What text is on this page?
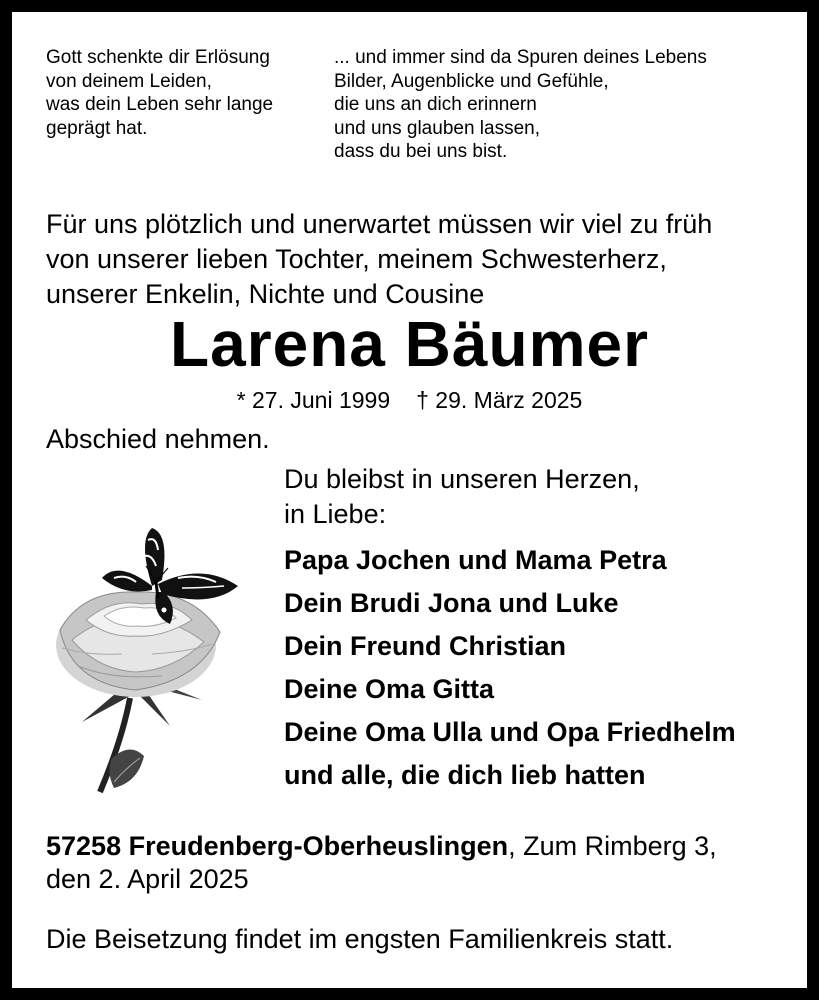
Gott schenkte dir Erlösung
von deinem Leiden,
was dein Leben sehr lange
geprägt hat.
... und immer sind da Spuren deines Lebens
Bilder, Augenblicke und Gefühle,
die uns an dich erinnern
und uns glauben lassen,
dass du bei uns bist.
Für uns plötzlich und unerwartet müssen wir viel zu früh
von unserer lieben Tochter, meinem Schwesterherz,
unserer Enkelin, Nichte und Cousine
Larena Bäumer
* 27. Juni 1999 † 29. März 2025
Abschied nehmen.
Du bleibst in unseren Herzen,
in Liebe:
Papa Jochen und Mama Petra
Dein Brudi Jona und Luke
Dein Freund Christian
Deine Oma Gitta
Deine Oma Ulla und Opa Friedhelm
und alle, die dich lieb hatten
57258 Freudenberg-Oberheuslingen, Zum Rimberg 3,
den 2. April 2025
Die Beisetzung findet im engsten Familienkreis statt.
